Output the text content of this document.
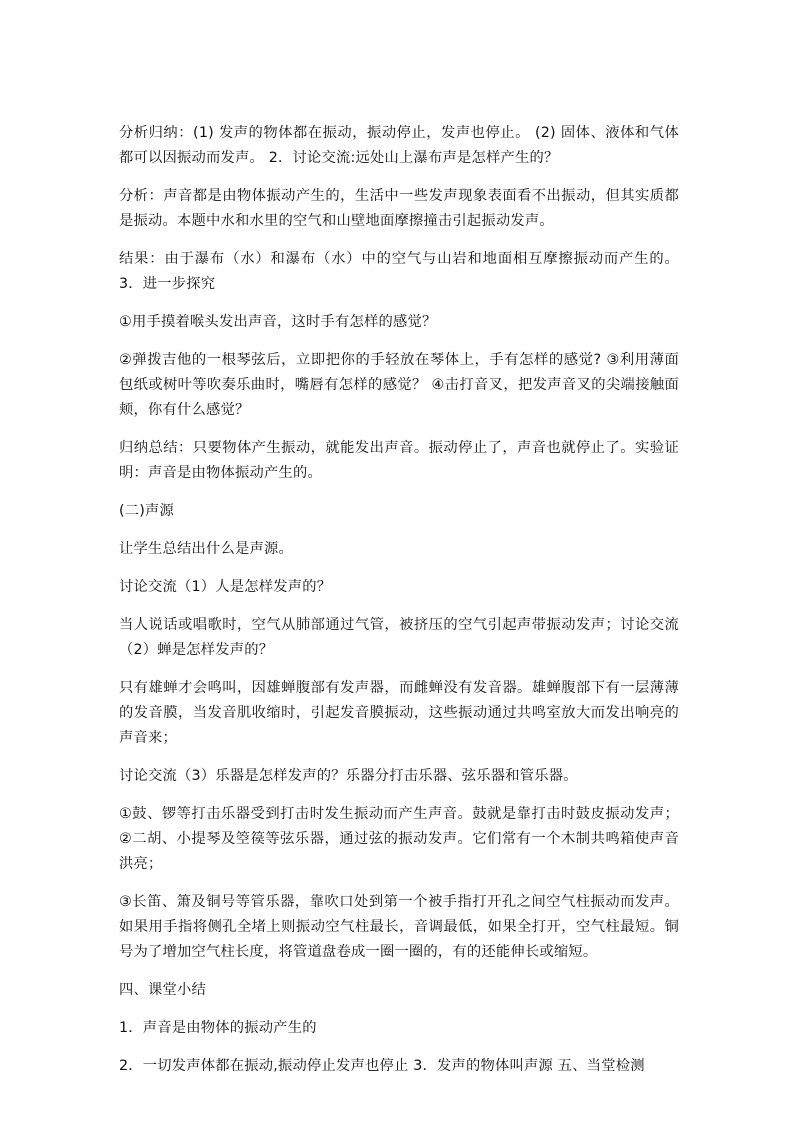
分析归纳：(1) 发声的物体都在振动，振动停止，发声也停止。 (2) 固体、液体和气体都可以因振动而发声。 2．讨论交流:远处山上瀑布声是怎样产生的？

分析：声音都是由物体振动产生的，生活中一些发声现象表面看不出振动，但其实质都是振动。本题中水和水里的空气和山壁地面摩擦撞击引起振动发声。

结果：由于瀑布（水）和瀑布（水）中的空气与山岩和地面相互摩擦振动而产生的。 3．进一步探究

①用手摸着喉头发出声音，这时手有怎样的感觉？

②弹拨吉他的一根琴弦后，立即把你的手轻放在琴体上，手有怎样的感觉? ③利用薄面包纸或树叶等吹奏乐曲时，嘴唇有怎样的感觉？ ④击打音叉，把发声音叉的尖端接触面颊，你有什么感觉？

归纳总结：只要物体产生振动，就能发出声音。振动停止了，声音也就停止了。实验证明：声音是由物体振动产生的。

(二)声源

让学生总结出什么是声源。

讨论交流（1）人是怎样发声的？

当人说话或唱歌时，空气从肺部通过气管，被挤压的空气引起声带振动发声；讨论交流（2）蝉是怎样发声的？

只有雄蝉才会鸣叫，因雄蝉腹部有发声器，而雌蝉没有发音器。雄蝉腹部下有一层薄薄的发音膜，当发音肌收缩时，引起发音膜振动，这些振动通过共鸣室放大而发出响亮的声音来；

讨论交流（3）乐器是怎样发声的？乐器分打击乐器、弦乐器和管乐器。

①鼓、锣等打击乐器受到打击时发生振动而产生声音。鼓就是靠打击时鼓皮振动发声； ②二胡、小提琴及箜篌等弦乐器，通过弦的振动发声。它们常有一个木制共鸣箱使声音洪亮；

③长笛、箫及铜号等管乐器，靠吹口处到第一个被手指打开孔之间空气柱振动而发声。如果用手指将侧孔全堵上则振动空气柱最长，音调最低，如果全打开，空气柱最短。铜号为了增加空气柱长度，将管道盘卷成一圈一圈的，有的还能伸长或缩短。

四、课堂小结

1．声音是由物体的振动产生的

2．一切发声体都在振动,振动停止发声也停止 3．发声的物体叫声源 五、当堂检测
